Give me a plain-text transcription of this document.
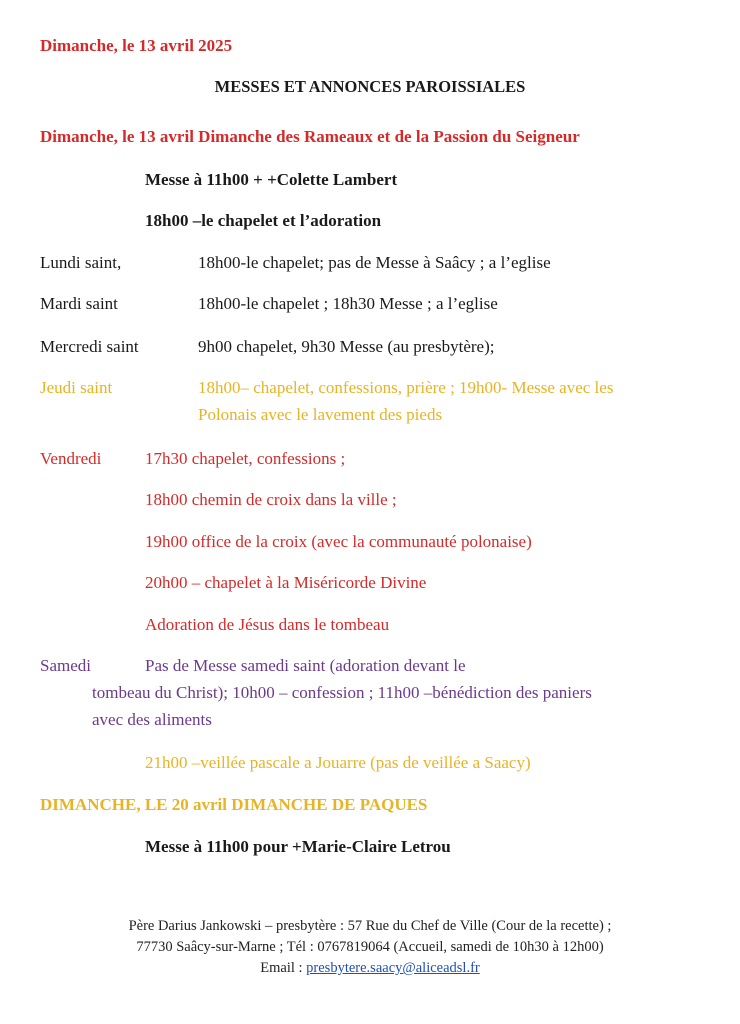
Dimanche, le 13 avril 2025
MESSES ET ANNONCES PAROISSIALES
Dimanche, le 13 avril Dimanche des Rameaux et de la Passion du Seigneur
Messe à 11h00 + +Colette Lambert
18h00 –le chapelet et l’adoration
Lundi saint,	18h00-le chapelet; pas de Messe à Saâcy ; a l’eglise
Mardi saint	18h00-le chapelet ; 18h30 Messe ; a l’eglise
Mercredi saint	9h00 chapelet, 9h30 Messe (au presbytère);
Jeudi saint	18h00– chapelet, confessions, prière ; 19h00- Messe avec les
Polonais avec le lavement des pieds
Vendredi	17h30 chapelet, confessions ;
18h00 chemin de croix dans la ville ;
19h00 office de la croix (avec la communauté polonaise)
20h00 – chapelet à la Miséricorde Divine
Adoration de Jésus dans le tombeau
Samedi	Pas de Messe samedi saint (adoration devant le
tombeau du Christ); 10h00 – confession ; 11h00 –bénédiction des paniers
avec des aliments
21h00 –veillée pascale a Jouarre (pas de veillée a Saacy)
DIMANCHE, LE 20 avril DIMANCHE DE PAQUES
Messe à 11h00 pour +Marie-Claire Letrou
Père Darius Jankowski – presbytère : 57 Rue du Chef de Ville (Cour de la recette) ;
77730 Saâcy-sur-Marne ; Tél : 0767819064 (Accueil, samedi de 10h30 à 12h00)
Email : presbytere.saacy@aliceadsl.fr
